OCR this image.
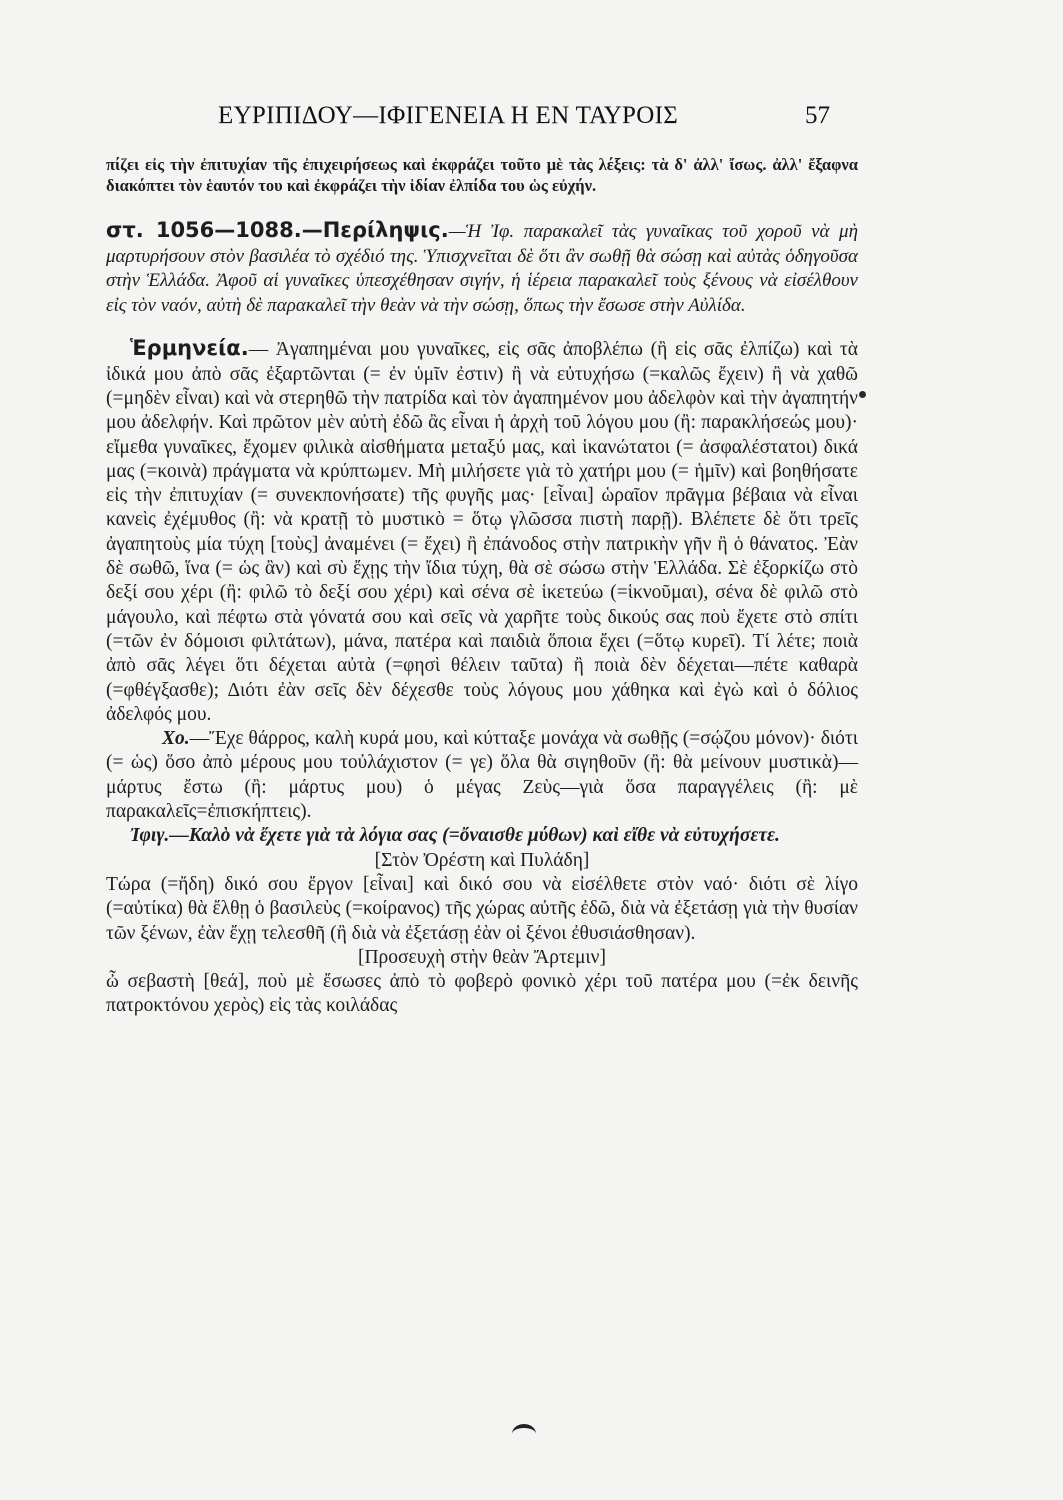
ΕΥΡΙΠΙΔΟΥ—ΙΦΙΓΕΝΕΙΑ Η ΕΝ ΤΑΥΡΟΙΣ	57

πίζει εἰς τὴν ἐπιτυχίαν τῆς ἐπιχειρήσεως καὶ ἐκφράζει τοῦτο μὲ τὰς λέξεις: τὰ δ' ἀλλ' ἴσως. ἀλλ' ἔξαφνα διακόπτει τὸν ἑαυτόν του καὶ ἐκφράζει τὴν ἰδίαν ἐλπίδα του ὡς εὐχήν.

στ. 1056—1088.—Περίληψις.—Ἡ Ἰφ. παρακαλεῖ τὰς γυναῖκας τοῦ χοροῦ νὰ μὴ μαρτυρήσουν στὸν βασιλέα τὸ σχέδιό της. Ὑπισχνεῖται δὲ ὅτι ἂν σωθῇ θὰ σώσῃ καὶ αὐτὰς ὁδηγοῦσα στὴν Ἑλλάδα. Ἀφοῦ αἱ γυναῖκες ὑπεσχέθησαν σιγήν, ἡ ἱέρεια παρακαλεῖ τοὺς ξένους νὰ εἰσέλθουν εἰς τὸν ναόν, αὐτὴ δὲ παρακαλεῖ τὴν θεὰν νὰ τὴν σώσῃ, ὅπως τὴν ἔσωσε στὴν Αὐλίδα.

Ἑρμηνεία.— Ἀγαπημέναι μου γυναῖκες, εἰς σᾶς ἀποβλέπω (ἢ εἰς σᾶς ἐλπίζω) καὶ τὰ ἰδικά μου ἀπὸ σᾶς ἐξαρτῶνται (= ἐν ὑμῖν ἐστιν) ἢ νὰ εὐτυχήσω (=καλῶς ἔχειν) ἢ νὰ χαθῶ (=μηδὲν εἶναι) καὶ νὰ στερηθῶ τὴν πατρίδα καὶ τὸν ἀγαπημένον μου ἀδελφὸν καὶ τὴν ἀγαπητήν μου ἀδελφήν. Καὶ πρῶτον μὲν αὐτὴ ἐδῶ ἂς εἶναι ἡ ἀρχὴ τοῦ λόγου μου (ἢ: παρακλήσεώς μου)· εἴμεθα γυναῖκες, ἔχομεν φιλικὰ αἰσθήματα μεταξύ μας, καὶ ἱκανώτατοι (= ἀσφαλέστατοι) δικά μας (=κοινὰ) πράγματα νὰ κρύπτωμεν. Μὴ μιλήσετε γιὰ τὸ χατήρι μου (= ἡμῖν) καὶ βοηθήσατε εἰς τὴν ἐπιτυχίαν (= συνεκπονήσατε) τῆς φυγῆς μας· [εἶναι] ὡραῖον πρᾶγμα βέβαια νὰ εἶναι κανεὶς ἐχέμυθος (ἢ: νὰ κρατῇ τὸ μυστικὸ = ὅτῳ γλῶσσα πιστὴ παρῇ). Βλέπετε δὲ ὅτι τρεῖς ἀγαπητοὺς μία τύχη [τοὺς] ἀναμένει (= ἔχει) ἢ ἐπάνοδος στὴν πατρικὴν γῆν ἢ ὁ θάνατος. Ἐὰν δὲ σωθῶ, ἵνα (= ὡς ἂν) καὶ σὺ ἔχῃς τὴν ἴδια τύχη, θὰ σὲ σώσω στὴν Ἑλλάδα. Σὲ ἐξορκίζω στὸ δεξί σου χέρι (ἢ: φιλῶ τὸ δεξί σου χέρι) καὶ σένα σὲ ἱκετεύω (=ἱκνοῦμαι), σένα δὲ φιλῶ στὸ μάγουλο, καὶ πέφτω στὰ γόνατά σου καὶ σεῖς νὰ χαρῆτε τοὺς δικούς σας ποὺ ἔχετε στὸ σπίτι (=τῶν ἐν δόμοισι φιλτάτων), μάνα, πατέρα καὶ παιδιὰ ὅποια ἔχει (=ὅτῳ κυρεῖ). Τί λέτε; ποιὰ ἀπὸ σᾶς λέγει ὅτι δέχεται αὐτὰ (=φησὶ θέλειν ταῦτα) ἢ ποιὰ δὲν δέχεται—πέτε καθαρὰ (=φθέγξασθε); Διότι ἐὰν σεῖς δὲν δέχεσθε τοὺς λόγους μου χάθηκα καὶ ἐγὼ καὶ ὁ δόλιος ἀδελφός μου.

Χο.—Ἔχε θάρρος, καλὴ κυρά μου, καὶ κύτταξε μονάχα νὰ σωθῇς (=σῴζου μόνον)· διότι (= ὡς) ὅσο ἀπὸ μέρους μου τοὐλάχιστον (= γε) ὅλα θὰ σιγηθοῦν (ἢ: θὰ μείνουν μυστικὰ)—μάρτυς ἔστω (ἢ: μάρτυς μου) ὁ μέγας Ζεὺς—γιὰ ὅσα παραγγέλεις (ἢ: μὲ παρακαλεῖς=ἐπισκήπτεις).

Ἰφιγ.—Καλὸ νὰ ἔχετε γιὰ τὰ λόγια σας (=ὄναισθε μύθων) καὶ εἴθε νὰ εὐτυχήσετε.

[Στὸν Ὀρέστη καὶ Πυλάδη]

Τώρα (=ἤδη) δικό σου ἔργον [εἶναι] καὶ δικό σου νὰ εἰσέλθετε στὸν ναό· διότι σὲ λίγο (=αὐτίκα) θὰ ἔλθῃ ὁ βασιλεὺς (=κοίρανος) τῆς χώρας αὐτῆς ἐδῶ, διὰ νὰ ἐξετάσῃ γιὰ τὴν θυσίαν τῶν ξένων, ἐὰν ἔχῃ τελεσθῆ (ἢ διὰ νὰ ἐξετάσῃ ἐὰν οἱ ξένοι ἐθυσιάσθησαν).

[Προσευχὴ στὴν θεὰν Ἄρτεμιν]

ὦ σεβαστὴ [θεά], ποὺ μὲ ἔσωσες ἀπὸ τὸ φοβερὸ φονικὸ χέρι τοῦ πατέρα μου (=ἐκ δεινῆς πατροκτόνου χερὸς) εἰς τὰς κοιλάδας
